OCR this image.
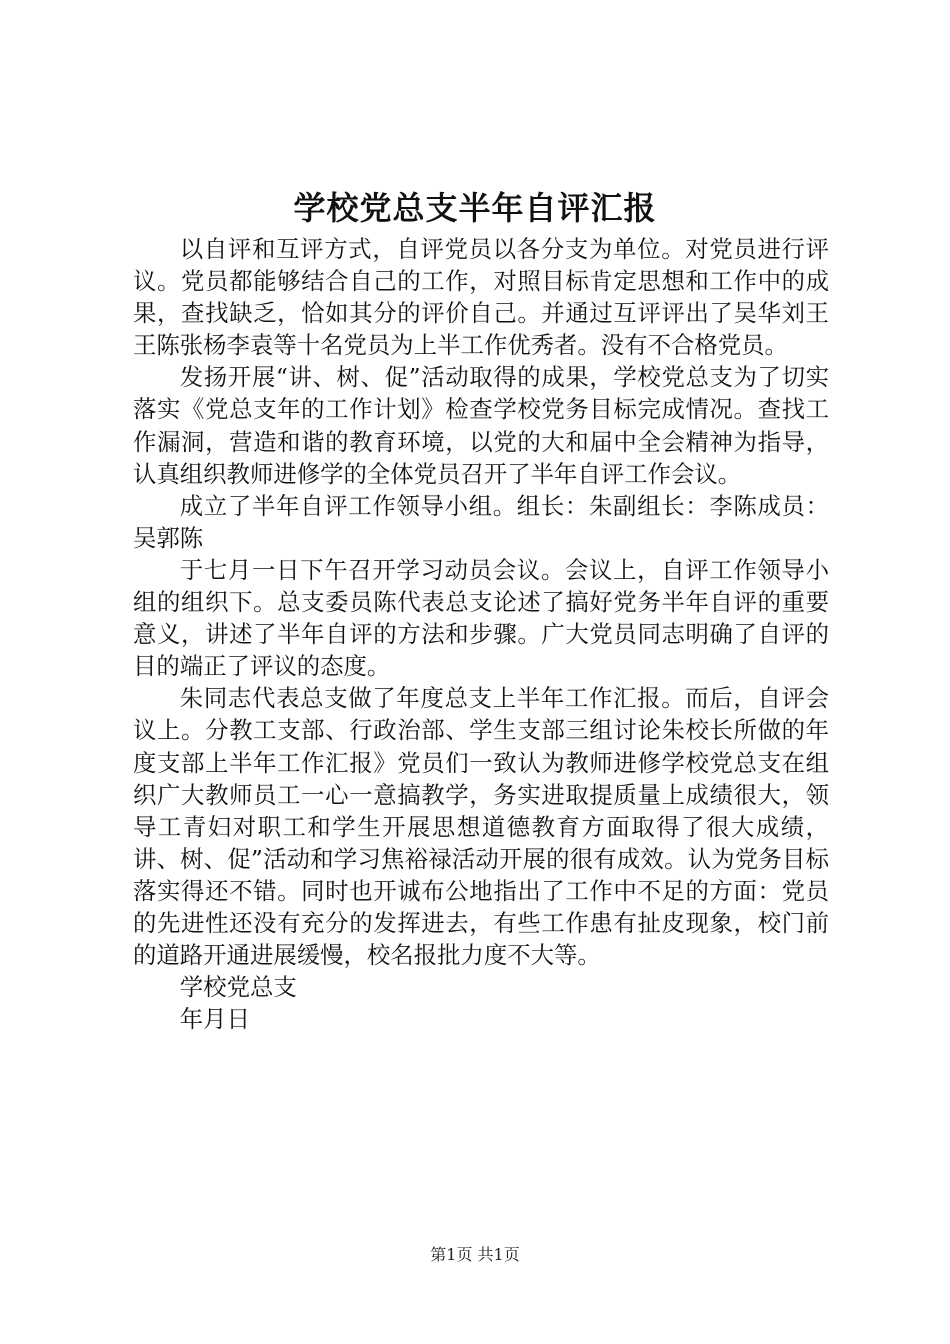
学校党总支半年自评汇报

以自评和互评方式，自评党员以各分支为单位。对党员进行评议。党员都能够结合自己的工作，对照目标肯定思想和工作中的成果，查找缺乏，恰如其分的评价自己。并通过互评评出了吴华刘王王陈张杨李袁等十名党员为上半工作优秀者。没有不合格党员。

发扬开展“讲、树、促”活动取得的成果，学校党总支为了切实落实《党总支年的工作计划》检查学校党务目标完成情况。查找工作漏洞，营造和谐的教育环境，以党的大和届中全会精神为指导，认真组织教师进修学的全体党员召开了半年自评工作会议。

成立了半年自评工作领导小组。组长：朱副组长：李陈成员：吴郭陈

于七月一日下午召开学习动员会议。会议上，自评工作领导小组的组织下。总支委员陈代表总支论述了搞好党务半年自评的重要意义，讲述了半年自评的方法和步骤。广大党员同志明确了自评的目的端正了评议的态度。

朱同志代表总支做了年度总支上半年工作汇报。而后，自评会议上。分教工支部、行政治部、学生支部三组讨论朱校长所做的年度支部上半年工作汇报》党员们一致认为教师进修学校党总支在组织广大教师员工一心一意搞教学，务实进取提质量上成绩很大，领导工青妇对职工和学生开展思想道德教育方面取得了很大成绩，讲、树、促”活动和学习焦裕禄活动开展的很有成效。认为党务目标落实得还不错。同时也开诚布公地指出了工作中不足的方面：党员的先进性还没有充分的发挥进去，有些工作患有扯皮现象，校门前的道路开通进展缓慢，校名报批力度不大等。

学校党总支

年月日

第1页 共1页
